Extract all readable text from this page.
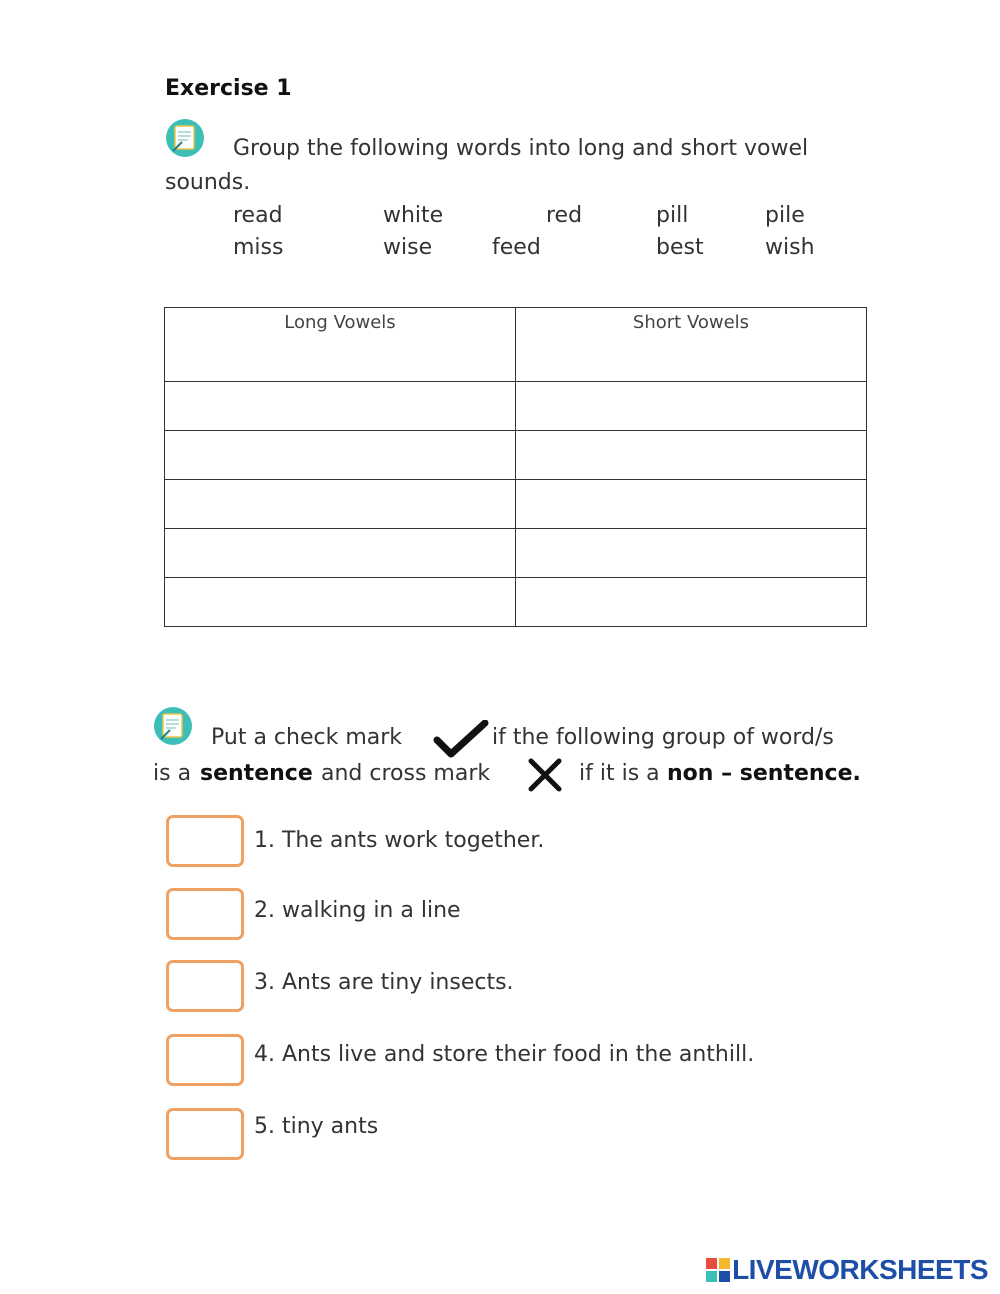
Exercise 1
Group the following words into long and short vowel
sounds.
read	white	red	pill	pile
miss	wise	feed	best	wish
Long Vowels	Short Vowels

Put a check mark	if the following group of word/s
is a sentence and cross mark	if it is a non – sentence.
1. The ants work together.
2. walking in a line
3. Ants are tiny insects.
4. Ants live and store their food in the anthill.
5. tiny ants
LIVEWORKSHEETS
